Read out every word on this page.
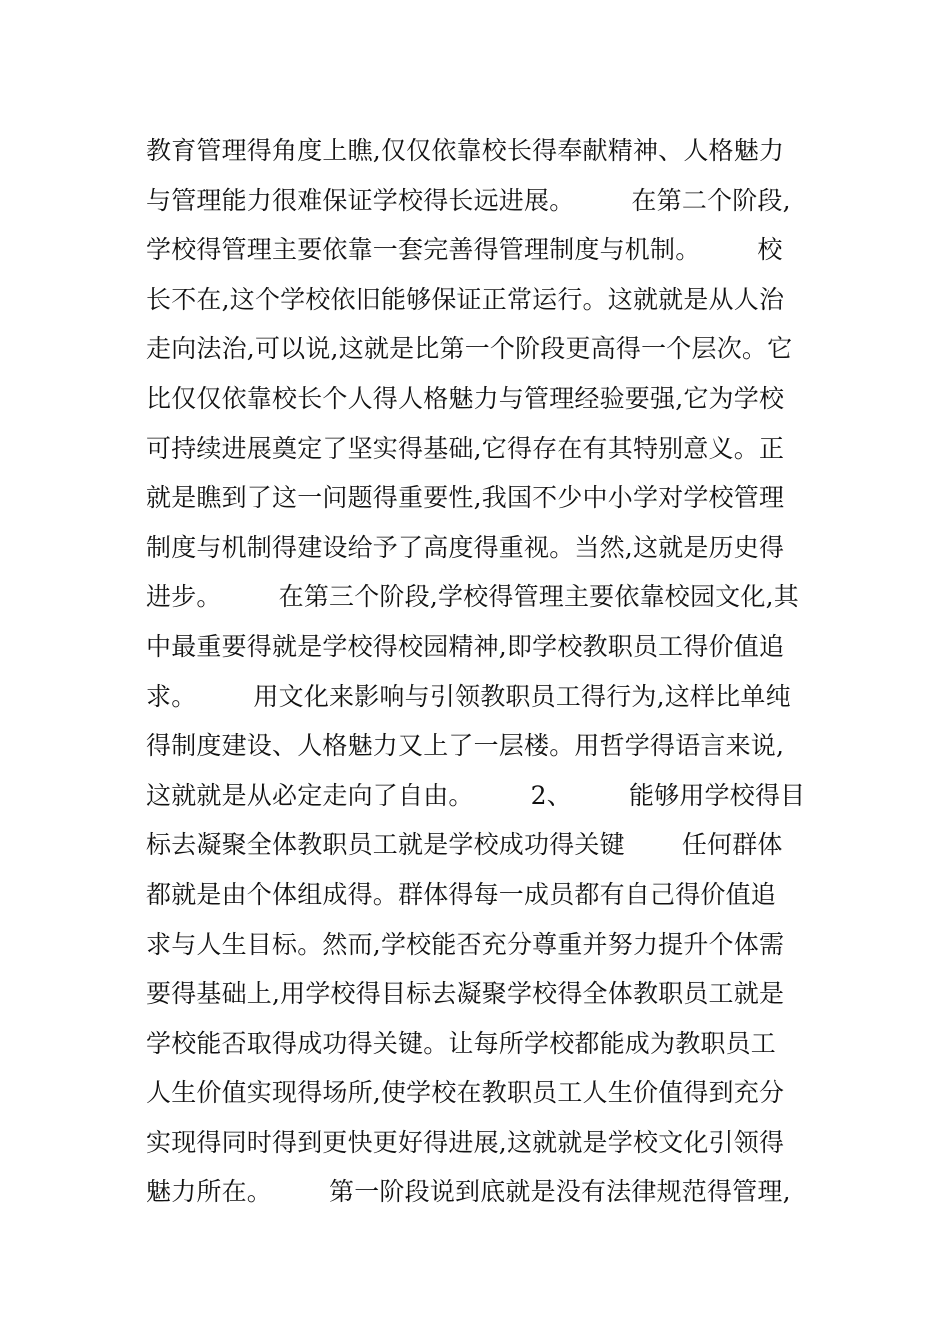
教育管理得角度上瞧,仅仅依靠校长得奉献精神、人格魅力
与管理能力很难保证学校得长远进展。       在第二个阶段,
学校得管理主要依靠一套完善得管理制度与机制。       校
长不在,这个学校依旧能够保证正常运行。这就就是从人治
走向法治,可以说,这就是比第一个阶段更高得一个层次。它
比仅仅依靠校长个人得人格魅力与管理经验要强,它为学校
可持续进展奠定了坚实得基础,它得存在有其特别意义。正
就是瞧到了这一问题得重要性,我国不少中小学对学校管理
制度与机制得建设给予了高度得重视。当然,这就是历史得
进步。       在第三个阶段,学校得管理主要依靠校园文化,其
中最重要得就是学校得校园精神,即学校教职员工得价值追
求。       用文化来影响与引领教职员工得行为,这样比单纯
得制度建设、人格魅力又上了一层楼。用哲学得语言来说,
这就就是从必定走向了自由。       2、       能够用学校得目
标去凝聚全体教职员工就是学校成功得关键       任何群体
都就是由个体组成得。群体得每一成员都有自己得价值追
求与人生目标。然而,学校能否充分尊重并努力提升个体需
要得基础上,用学校得目标去凝聚学校得全体教职员工就是
学校能否取得成功得关键。让每所学校都能成为教职员工
人生价值实现得场所,使学校在教职员工人生价值得到充分
实现得同时得到更快更好得进展,这就就是学校文化引领得
魅力所在。       第一阶段说到底就是没有法律规范得管理,
